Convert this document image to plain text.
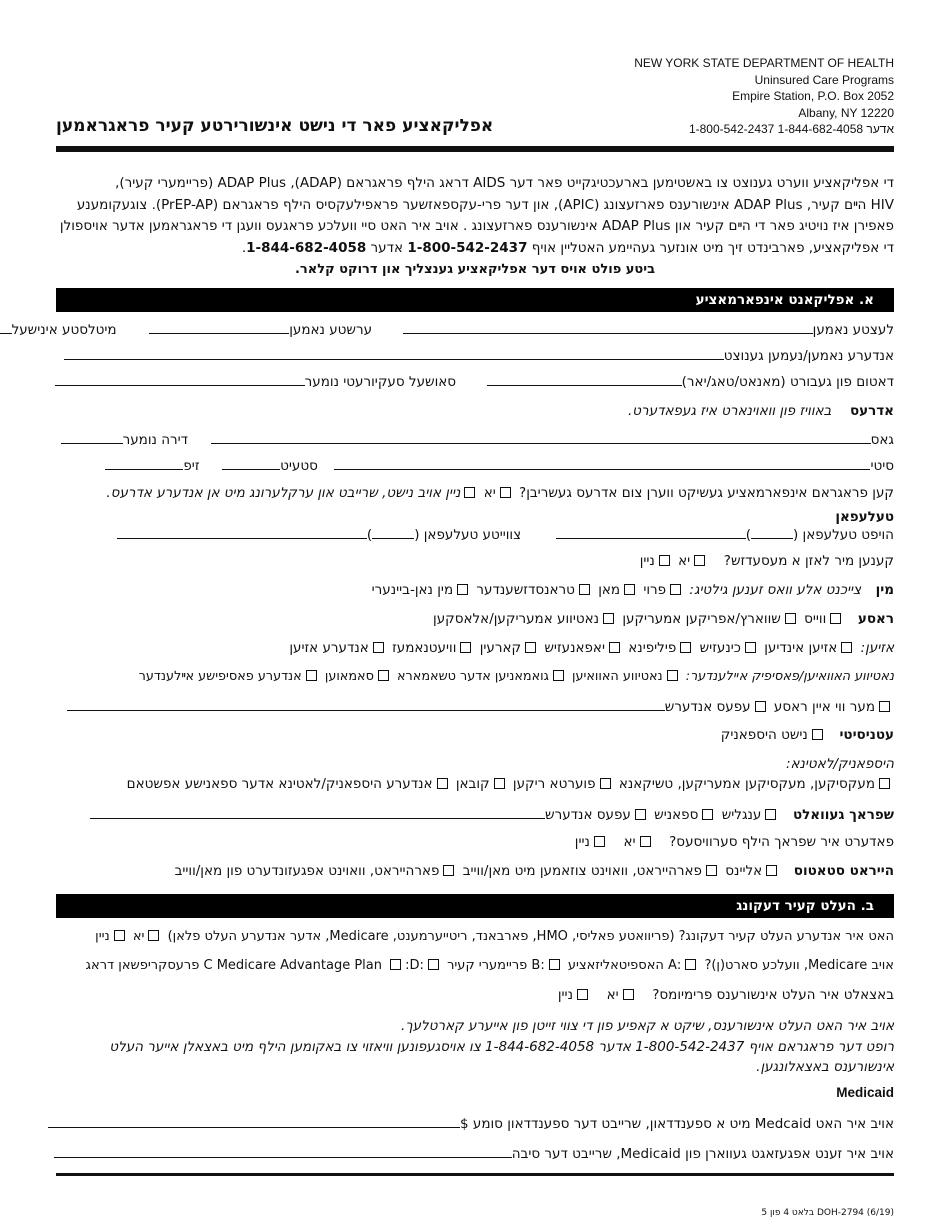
NEW YORK STATE DEPARTMENT OF HEALTH
Uninsured Care Programs
Empire Station, P.O. Box 2052
Albany, NY 12220
1-800-542-2437 אדער 1-844-682-4058
אפליקאציע פאר די נישט אינשורירטע קעיר פראגראמען
די אפליקאציע ווערט גענוצט צו באשטימען בארעכטיגקייט פאר דער AIDS דראג הילף פראגראם (ADAP), ADAP Plus (פריימערי קעיר),
HIV הײם קעיר, ADAP Plus אינשורענס פארזעצונג (APIC), און דער פרי-עקספאזשער פראפילעקסיס הילף פראגראם (PrEP-AP). צוגעקומענע
פאפירן איז נויטיג פאר די הײם קעיר און ADAP Plus אינשורענס פארזעצונג . אויב איר האט סיי וועלכע פראגעס וועגן די פראגראמען אדער אויספולן
די אפליקאציע, פארבינדט זיך מיט אונזער געהיימע האטליין אויף 1-800-542-2437 אדער 1-844-682-4058.
ביטע פולט אויס דער אפליקאציע גענצליך און דרוקט קלאר.
א. אפליקאנט אינפארמאציע
לעצטע נאמען  ערשטע נאמען  מיטלסטע אינישעל
אנדערע נאמען/נעמען גענוצט
דאטום פון געבורט (מאנאט/טאג/יאר)  סאושעל סעקיורעטי נומער
אדרעס  באוויז פון וואוינארט איז געפאדערט.
גאס  דירה נומער
סיטי  סטעיט  זיפ
קען פראגראם אינפארמאציע געשיקט ווערן צום אדרעס געשריבן? יא ניין אויב נישט, שרייבט און ערקלערונג מיט אן אנדערע אדרעס.
טעלעפאן
הויפט טעלעפאן ()  צווייטע טעלעפאן ()
קענען מיר לאזן א מעסעדזש?  יא ניין
מין  צייכנט אלע וואס זענען גילטיג: פרוי מאן טראנסדזשענדער מין נאן-ביינערי
ראסע  ווייס שווארץ/אפריקען אמעריקען נאטיווע אמעריקען/אלאסקען
אזיען: אזיען אינדיען כינעזיש פיליפינא יאפאנעזיש קארעין וויעטנאמעז אנדערע אזיען
נאטיווע האוואיען/פאסיפיק אײלענדער: נאטיווע האוואיען גואמאניען אדער טשאמארא סאמאוען אנדערע פאסיפישע אײלענדער
מער ווי איין ראסע עפעס אנדערש
עטניסיטי  נישט היספאניק
היספאניק/לאטינא:
מעקסיקען, מעקסיקען אמעריקען, טשיקאנא פוערטא ריקען קובאן אנדערע היספאניק/לאטינא אדער ספאנישע אפשטאם
שפראך געוואלט  ענגליש ספאניש עפעס אנדערש
פאדערט איר שפראך הילף סערוויסעס?  יא  ניין
הייראט סטאטוס  אליינס פארהייראט, וואוינט צוזאמען מיט מאן/ווייב פארהייראט, וואוינט אפגעזונדערט פון מאן/ווייב
ב. העלט קעיר דעקונג
האט איר אנדערע העלט קעיר דעקונג? (פריוואטע פאליסי, HMO, פארבאנד, ריטייערמענט, Medicare, אדער אנדערע העלט פלאן) יא ניין
אויב Medicare, וועלכע סארט(ן)? :A האספיטאליזאציע :B פריימערי קעיר :C Medicare Advantage Plan :D פרעסקריפשאן דראג
באצאלט איר העלט אינשורענס פרימיומס?  יא  ניין
אויב איר האט העלט אינשורענס, שיקט א קאפיע פון די צווי זייטן פון אייערע קארטלעך.
רופט דער פראגראם אויף 1-800-542-2437 אדער 1-844-682-4058 צו אויסגעפונען וויאזוי צו באקומען הילף מיט באצאלן אייער העלט
אינשורענס באצאלונגען.
Medicaid
אויב איר האט Medcaid מיט א ספענדדאון, שרייבט דער ספענדדאון סומע $
אויב איר זענט אפגעזאגט געווארן פון Medicaid, שרייבט דער סיבה
DOH-2794 (6/19) בלאט 4 פון 5
